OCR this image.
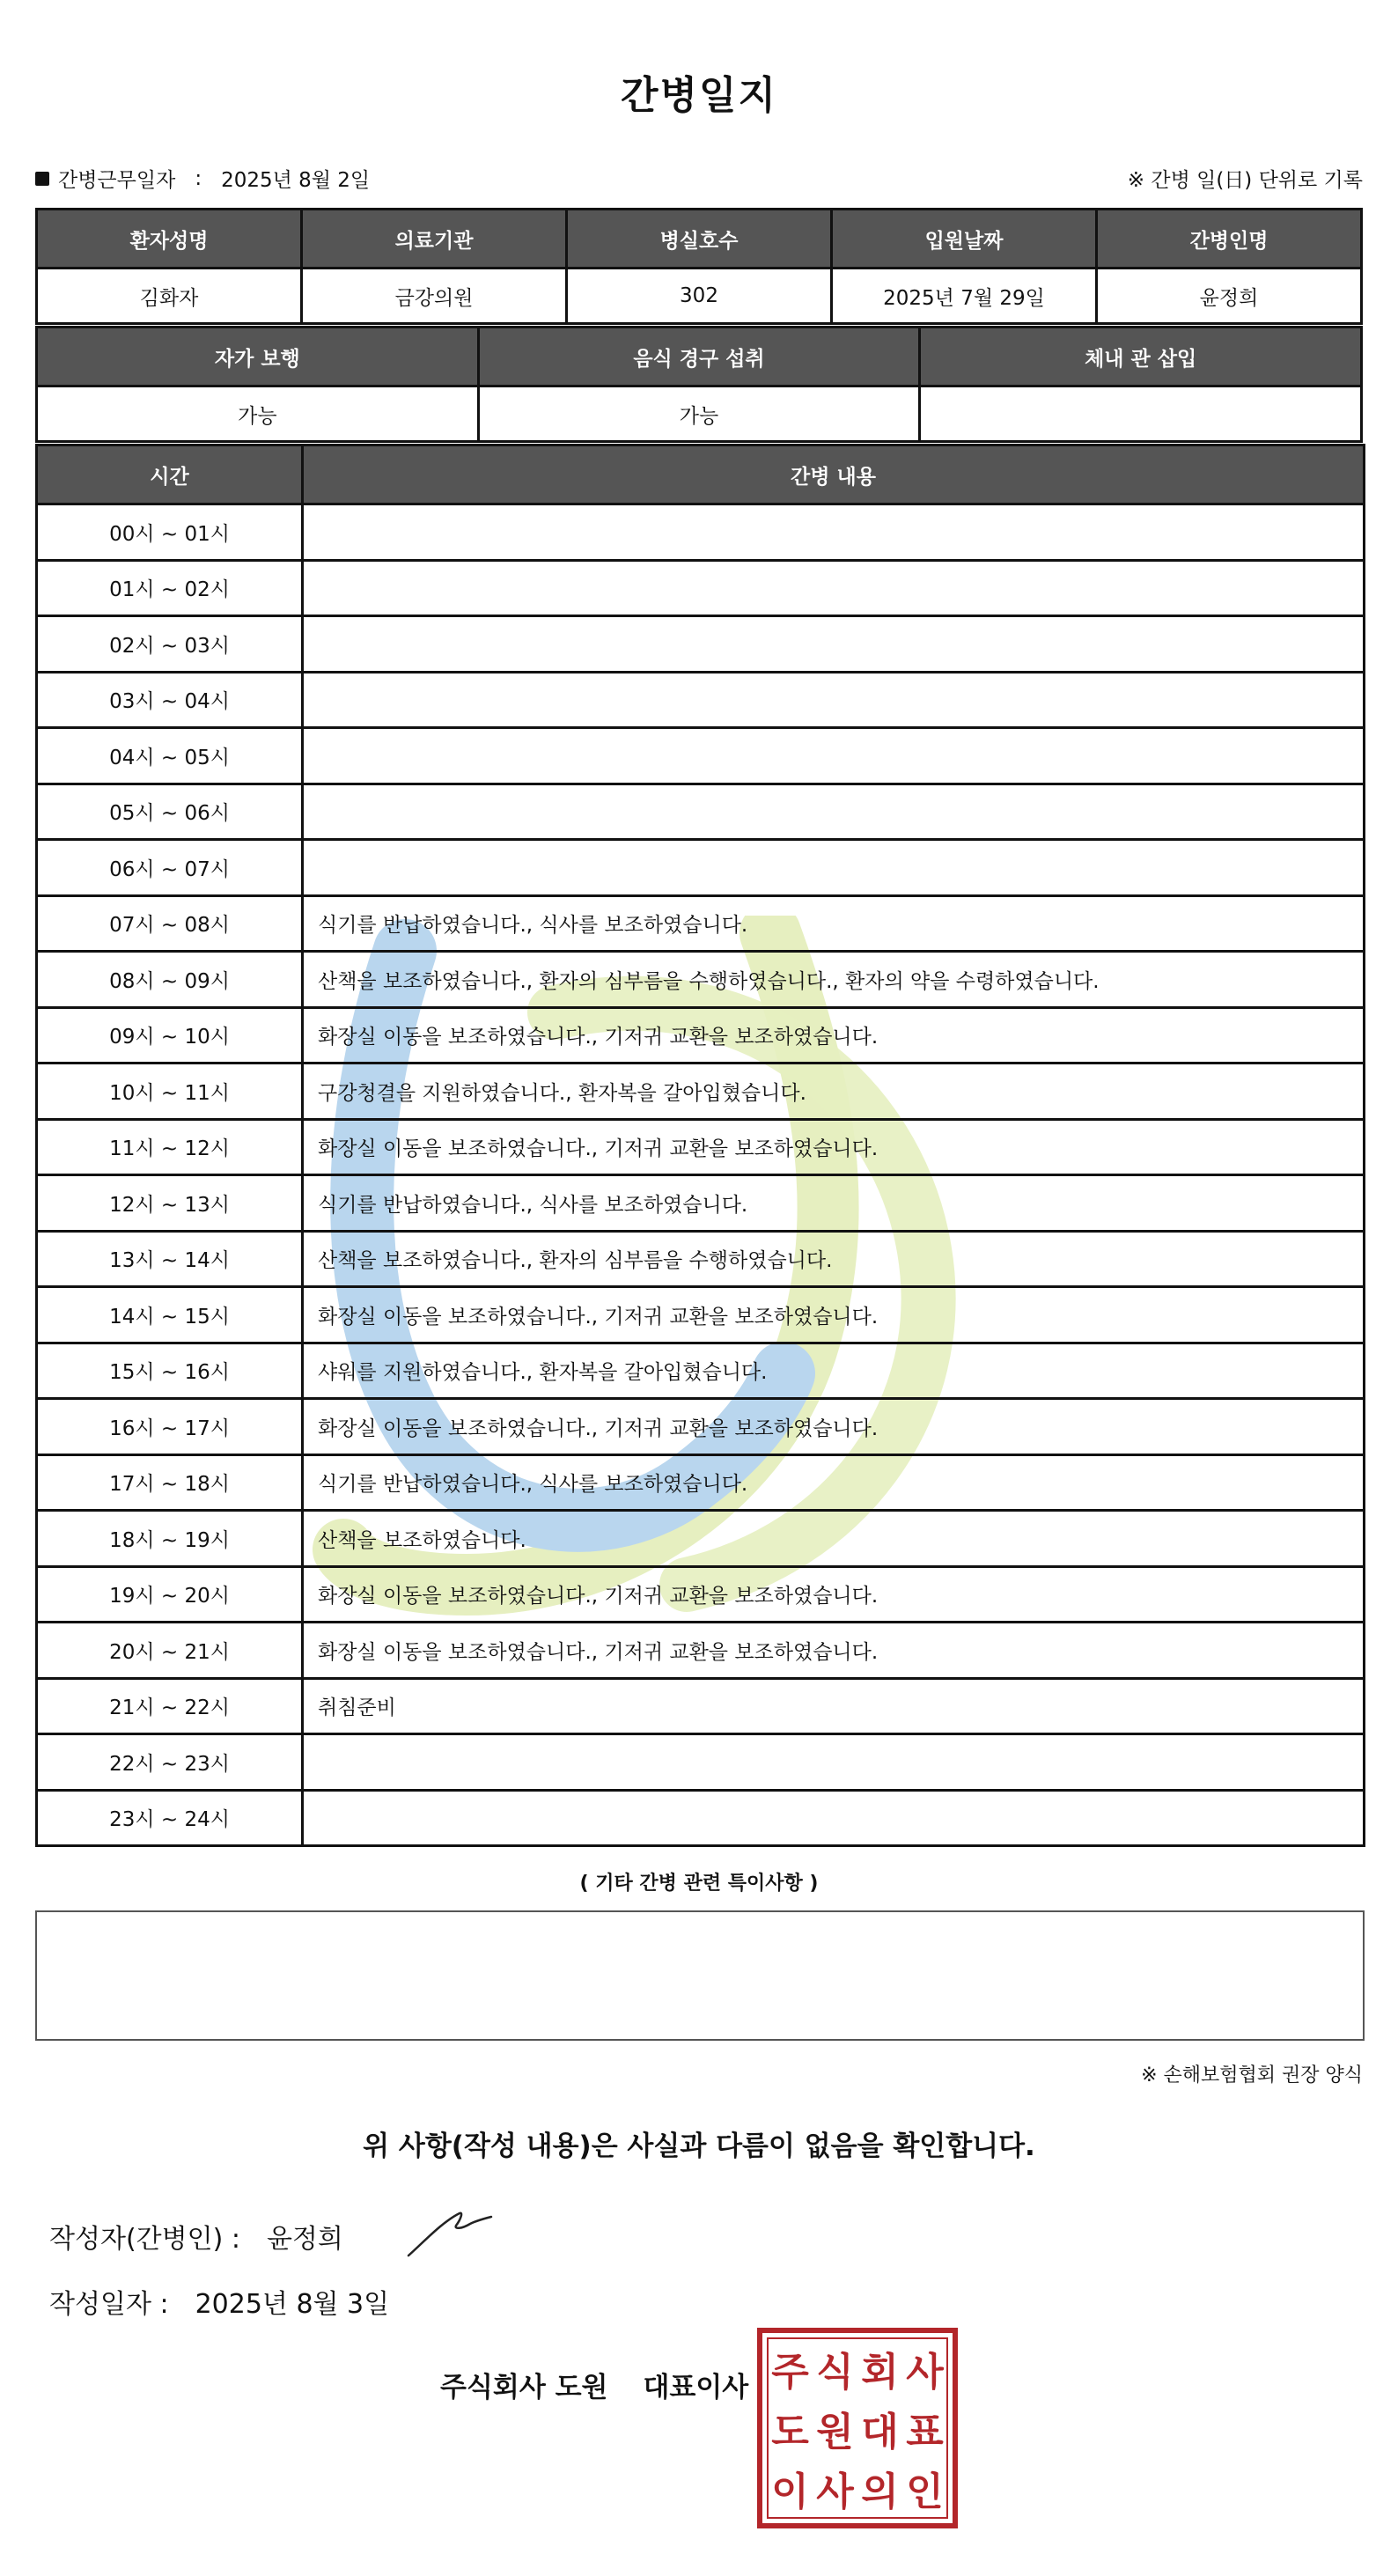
간병일지
간병근무일자 : 2025년 8월 2일	※ 간병 일(日) 단위로 기록
환자성명	의료기관	병실호수	입원날짜	간병인명
김화자	금강의원	302	2025년 7월 29일	윤정희
자가 보행	음식 경구 섭취	체내 관 삽입
가능	가능	
시간	간병 내용
00시 ~ 01시	
01시 ~ 02시	
02시 ~ 03시	
03시 ~ 04시	
04시 ~ 05시	
05시 ~ 06시	
06시 ~ 07시	
07시 ~ 08시	식기를 반납하였습니다., 식사를 보조하였습니다.
08시 ~ 09시	산책을 보조하였습니다., 환자의 심부름을 수행하였습니다., 환자의 약을 수령하였습니다.
09시 ~ 10시	화장실 이동을 보조하였습니다., 기저귀 교환을 보조하였습니다.
10시 ~ 11시	구강청결을 지원하였습니다., 환자복을 갈아입혔습니다.
11시 ~ 12시	화장실 이동을 보조하였습니다., 기저귀 교환을 보조하였습니다.
12시 ~ 13시	식기를 반납하였습니다., 식사를 보조하였습니다.
13시 ~ 14시	산책을 보조하였습니다., 환자의 심부름을 수행하였습니다.
14시 ~ 15시	화장실 이동을 보조하였습니다., 기저귀 교환을 보조하였습니다.
15시 ~ 16시	샤워를 지원하였습니다., 환자복을 갈아입혔습니다.
16시 ~ 17시	화장실 이동을 보조하였습니다., 기저귀 교환을 보조하였습니다.
17시 ~ 18시	식기를 반납하였습니다., 식사를 보조하였습니다.
18시 ~ 19시	산책을 보조하였습니다.
19시 ~ 20시	화장실 이동을 보조하였습니다., 기저귀 교환을 보조하였습니다.
20시 ~ 21시	화장실 이동을 보조하였습니다., 기저귀 교환을 보조하였습니다.
21시 ~ 22시	취침준비
22시 ~ 23시	
23시 ~ 24시	
( 기타 간병 관련 특이사항 )
※ 손해보험협회 권장 양식
위 사항(작성 내용)은 사실과 다름이 없음을 확인합니다.
작성자(간병인) : 윤정희
작성일자 : 2025년 8월 3일
주식회사 도원 대표이사 주 식 회 사
도 원 대 표
이 사 의 인
